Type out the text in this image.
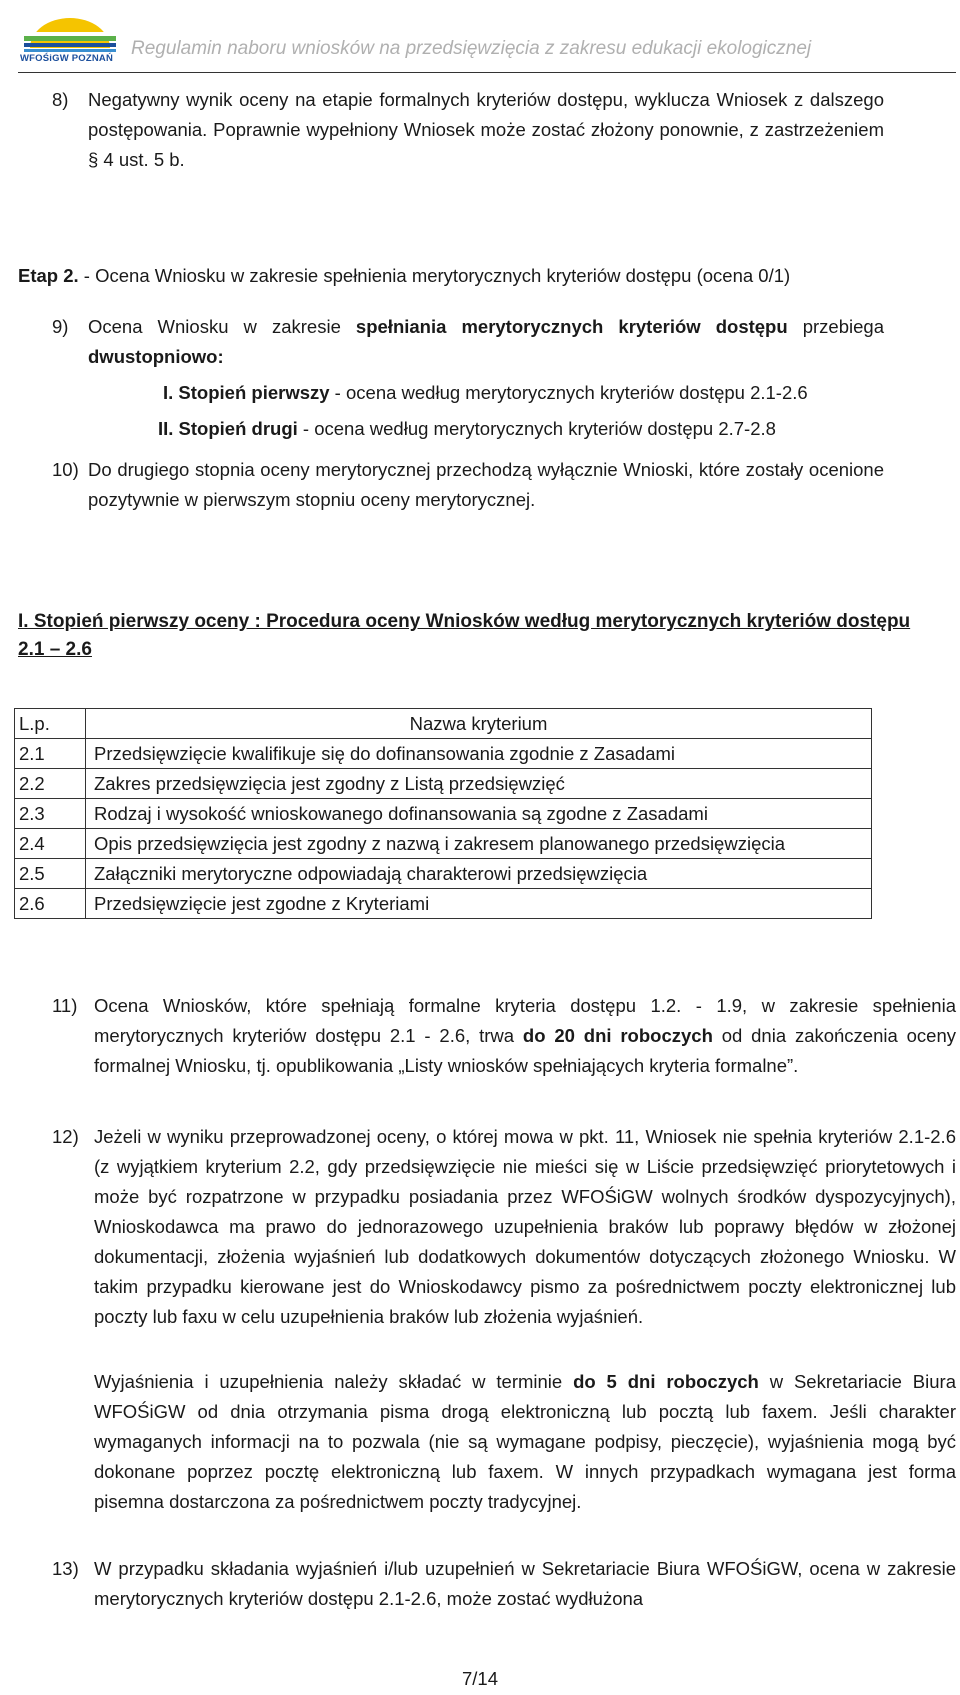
WFOŚiGW POZNAŃ Regulamin naboru wniosków na przedsięwzięcia z zakresu edukacji ekologicznej
8)	Negatywny wynik oceny na etapie formalnych kryteriów dostępu, wyklucza Wniosek z dalszego postępowania. Poprawnie wypełniony Wniosek może zostać złożony ponownie, z zastrzeżeniem § 4 ust. 5 b.
Etap 2. - Ocena Wniosku w zakresie spełnienia merytorycznych kryteriów dostępu (ocena 0/1)
9)	Ocena Wniosku w zakresie spełniania merytorycznych kryteriów dostępu przebiega dwustopniowo:
I. Stopień pierwszy - ocena według merytorycznych kryteriów dostępu 2.1-2.6
II. Stopień drugi - ocena według merytorycznych kryteriów dostępu 2.7-2.8
10) Do drugiego stopnia oceny merytorycznej przechodzą wyłącznie Wnioski, które zostały ocenione pozytywnie w pierwszym stopniu oceny merytorycznej.
I. Stopień pierwszy oceny : Procedura oceny Wniosków według merytorycznych kryteriów dostępu 2.1 – 2.6
L.p.	Nazwa kryterium
2.1	Przedsięwzięcie kwalifikuje się do dofinansowania zgodnie z Zasadami
2.2	Zakres przedsięwzięcia jest zgodny z Listą przedsięwzięć
2.3	Rodzaj i wysokość wnioskowanego dofinansowania są zgodne z Zasadami
2.4	Opis przedsięwzięcia jest zgodny z nazwą i zakresem planowanego przedsięwzięcia
2.5	Załączniki merytoryczne odpowiadają charakterowi przedsięwzięcia
2.6	Przedsięwzięcie jest zgodne z Kryteriami
11) Ocena Wniosków, które spełniają formalne kryteria dostępu 1.2. - 1.9, w zakresie spełnienia merytorycznych kryteriów dostępu 2.1 - 2.6, trwa do 20 dni roboczych od dnia zakończenia oceny formalnej Wniosku, tj. opublikowania „Listy wniosków spełniających kryteria formalne”.
12) Jeżeli w wyniku przeprowadzonej oceny, o której mowa w pkt. 11, Wniosek nie spełnia kryteriów 2.1-2.6 (z wyjątkiem kryterium 2.2, gdy przedsięwzięcie nie mieści się w Liście przedsięwzięć priorytetowych i może być rozpatrzone w przypadku posiadania przez WFOŚiGW wolnych środków dyspozycyjnych), Wnioskodawca ma prawo do jednorazowego uzupełnienia braków lub poprawy błędów w złożonej dokumentacji, złożenia wyjaśnień lub dodatkowych dokumentów dotyczących złożonego Wniosku. W takim przypadku kierowane jest do Wnioskodawcy pismo za pośrednictwem poczty elektronicznej lub poczty lub faxu w celu uzupełnienia braków lub złożenia wyjaśnień.
Wyjaśnienia i uzupełnienia należy składać w terminie do 5 dni roboczych w Sekretariacie Biura WFOŚiGW od dnia otrzymania pisma drogą elektroniczną lub pocztą lub faxem. Jeśli charakter wymaganych informacji na to pozwala (nie są wymagane podpisy, pieczęcie), wyjaśnienia mogą być dokonane poprzez pocztę elektroniczną lub faxem. W innych przypadkach wymagana jest forma pisemna dostarczona za pośrednictwem poczty tradycyjnej.
13) W przypadku składania wyjaśnień i/lub uzupełnień w Sekretariacie Biura WFOŚiGW, ocena w zakresie merytorycznych kryteriów dostępu 2.1-2.6, może zostać wydłużona
7/14
